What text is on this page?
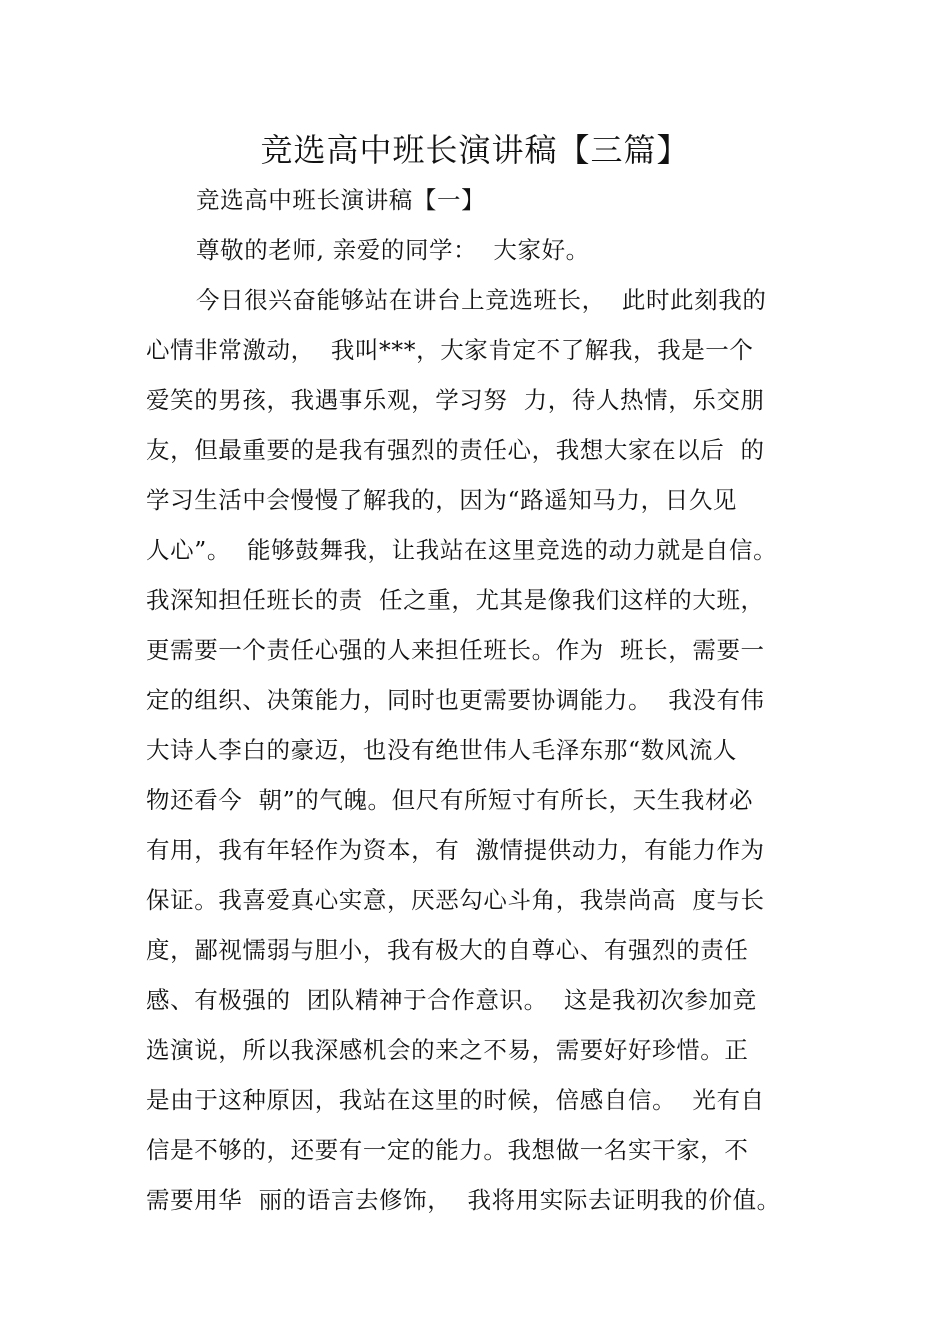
竞选高中班长演讲稿【三篇】
竞选高中班长演讲稿【一】
尊敬的老师, 亲爱的同学：  大家好。
今日很兴奋能够站在讲台上竞选班长，  此时此刻我的
心情非常激动，  我叫***，大家肯定不了解我，我是一个
爱笑的男孩，我遇事乐观，学习努  力，待人热情，乐交朋
友，但最重要的是我有强烈的责任心，我想大家在以后  的
学习生活中会慢慢了解我的，因为“路遥知马力，日久见
人心”。  能够鼓舞我，让我站在这里竞选的动力就是自信。
我深知担任班长的责  任之重，尤其是像我们这样的大班，
更需要一个责任心强的人来担任班长。作为  班长，需要一
定的组织、决策能力，同时也更需要协调能力。  我没有伟
大诗人李白的豪迈，也没有绝世伟人毛泽东那“数风流人
物还看今  朝”的气魄。但尺有所短寸有所长，天生我材必
有用，我有年轻作为资本，有  激情提供动力，有能力作为
保证。我喜爱真心实意，厌恶勾心斗角，我崇尚高  度与长
度，鄙视懦弱与胆小，我有极大的自尊心、有强烈的责任
感、有极强的  团队精神于合作意识。  这是我初次参加竞
选演说，所以我深感机会的来之不易，需要好好珍惜。正
是由于这种原因，我站在这里的时候，倍感自信。  光有自
信是不够的，还要有一定的能力。我想做一名实干家，不
需要用华  丽的语言去修饰，  我将用实际去证明我的价值。
